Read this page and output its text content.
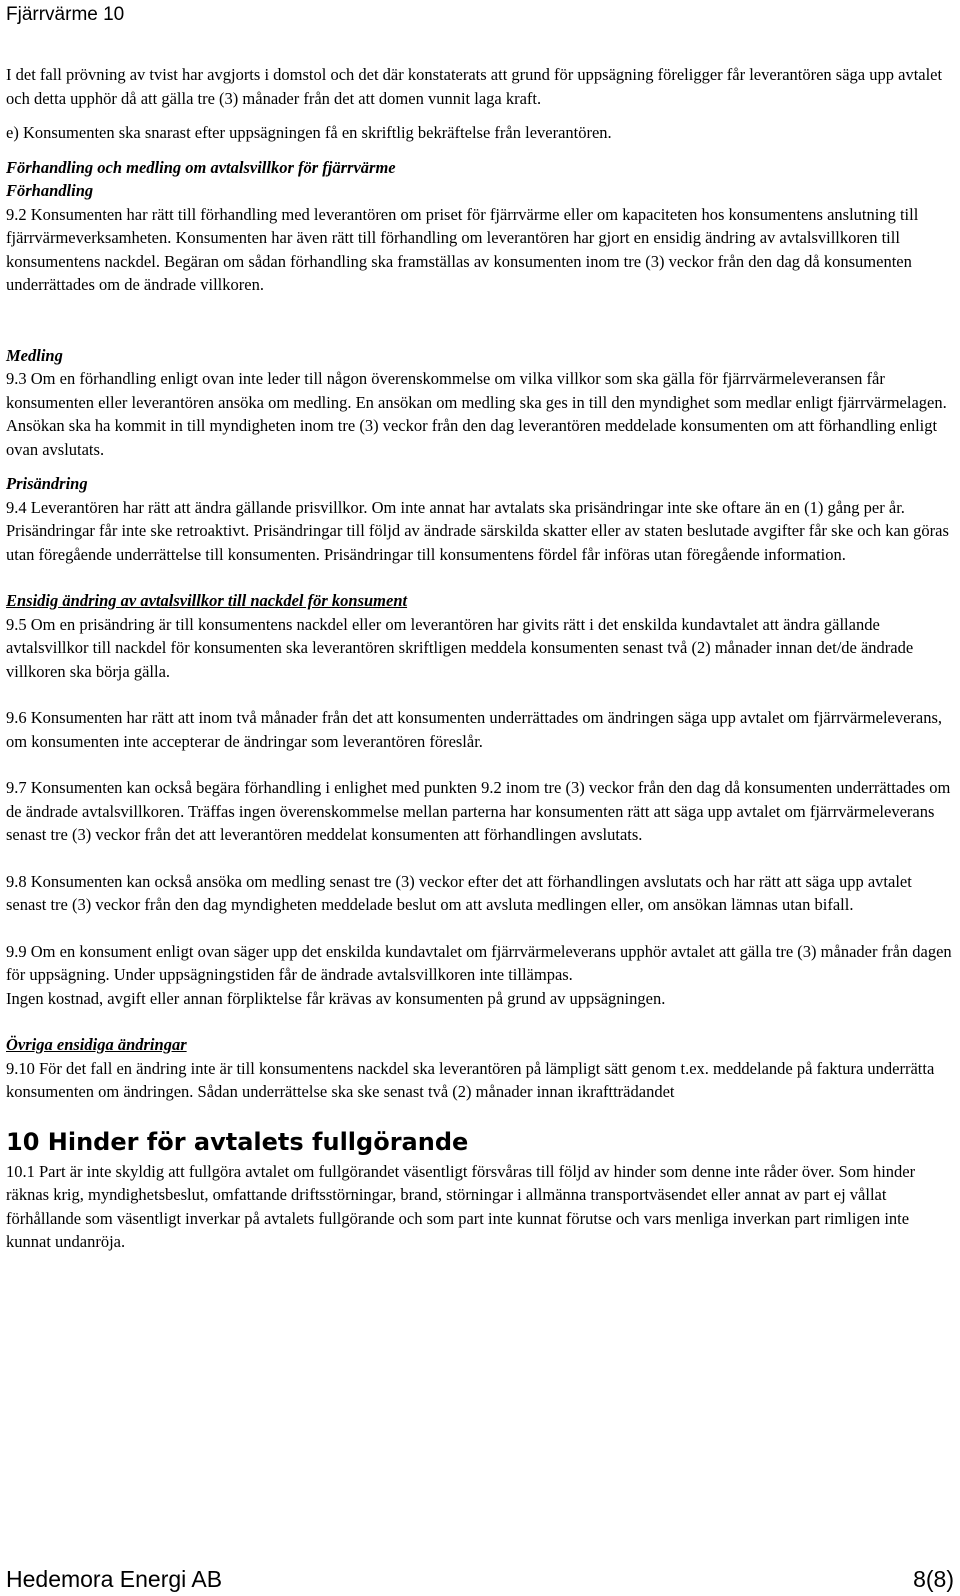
Fjärrvärme 10

I det fall prövning av tvist har avgjorts i domstol och det där konstaterats att grund för uppsägning föreligger får leverantören säga upp avtalet och detta upphör då att gälla tre (3) månader från det att domen vunnit laga kraft.

e) Konsumenten ska snarast efter uppsägningen få en skriftlig bekräftelse från leverantören.

Förhandling och medling om avtalsvillkor för fjärrvärme

Förhandling

9.2 Konsumenten har rätt till förhandling med leverantören om priset för fjärrvärme eller om kapaciteten hos konsumentens anslutning till fjärrvärmeverksamheten. Konsumenten har även rätt till förhandling om leverantören har gjort en ensidig ändring av avtalsvillkoren till konsumentens nackdel. Begäran om sådan förhandling ska framställas av konsumenten inom tre (3) veckor från den dag då konsumenten underrättades om de ändrade villkoren.

Medling

9.3 Om en förhandling enligt ovan inte leder till någon överenskommelse om vilka villkor som ska gälla för fjärrvärmeleveransen får konsumenten eller leverantören ansöka om medling. En ansökan om medling ska ges in till den myndighet som medlar enligt fjärrvärmelagen. Ansökan ska ha kommit in till myndigheten inom tre (3) veckor från den dag leverantören meddelade konsumenten om att förhandling enligt ovan avslutats.

Prisändring

9.4 Leverantören har rätt att ändra gällande prisvillkor. Om inte annat har avtalats ska prisändringar inte ske oftare än en (1) gång per år. Prisändringar får inte ske retroaktivt. Prisändringar till följd av ändrade särskilda skatter eller av staten beslutade avgifter får ske och kan göras utan föregående underrättelse till konsumenten. Prisändringar till konsumentens fördel får införas utan föregående information.

Ensidig ändring av avtalsvillkor till nackdel för konsument

9.5 Om en prisändring är till konsumentens nackdel eller om leverantören har givits rätt i det enskilda kundavtalet att ändra gällande avtalsvillkor till nackdel för konsumenten ska leverantören skriftligen meddela konsumenten senast två (2) månader innan det/de ändrade villkoren ska börja gälla.

9.6 Konsumenten har rätt att inom två månader från det att konsumenten underrättades om ändringen säga upp avtalet om fjärrvärmeleverans, om konsumenten inte accepterar de ändringar som leverantören föreslår.

9.7 Konsumenten kan också begära förhandling i enlighet med punkten 9.2 inom tre (3) veckor från den dag då konsumenten underrättades om de ändrade avtalsvillkoren. Träffas ingen överenskommelse mellan parterna har konsumenten rätt att säga upp avtalet om fjärrvärmeleverans senast tre (3) veckor från det att leverantören meddelat konsumenten att förhandlingen avslutats.

9.8 Konsumenten kan också ansöka om medling senast tre (3) veckor efter det att förhandlingen avslutats och har rätt att säga upp avtalet senast tre (3) veckor från den dag myndigheten meddelade beslut om att avsluta medlingen eller, om ansökan lämnas utan bifall.

9.9 Om en konsument enligt ovan säger upp det enskilda kundavtalet om fjärrvärmeleverans upphör avtalet att gälla tre (3) månader från dagen för uppsägning. Under uppsägningstiden får de ändrade avtalsvillkoren inte tillämpas.

Ingen kostnad, avgift eller annan förpliktelse får krävas av konsumenten på grund av uppsägningen.

Övriga ensidiga ändringar

9.10 För det fall en ändring inte är till konsumentens nackdel ska leverantören på lämpligt sätt genom t.ex. meddelande på faktura underrätta konsumenten om ändringen. Sådan underrättelse ska ske senast två (2) månader innan ikraftträdandet

10 Hinder för avtalets fullgörande

10.1 Part är inte skyldig att fullgöra avtalet om fullgörandet väsentligt försvåras till följd av hinder som denne inte råder över. Som hinder räknas krig, myndighetsbeslut, omfattande driftsstörningar, brand, störningar i allmänna transportväsendet eller annat av part ej vållat förhållande som väsentligt inverkar på avtalets fullgörande och som part inte kunnat förutse och vars menliga inverkan part rimligen inte kunnat undanröja.

Hedemora Energi AB	8(8)
